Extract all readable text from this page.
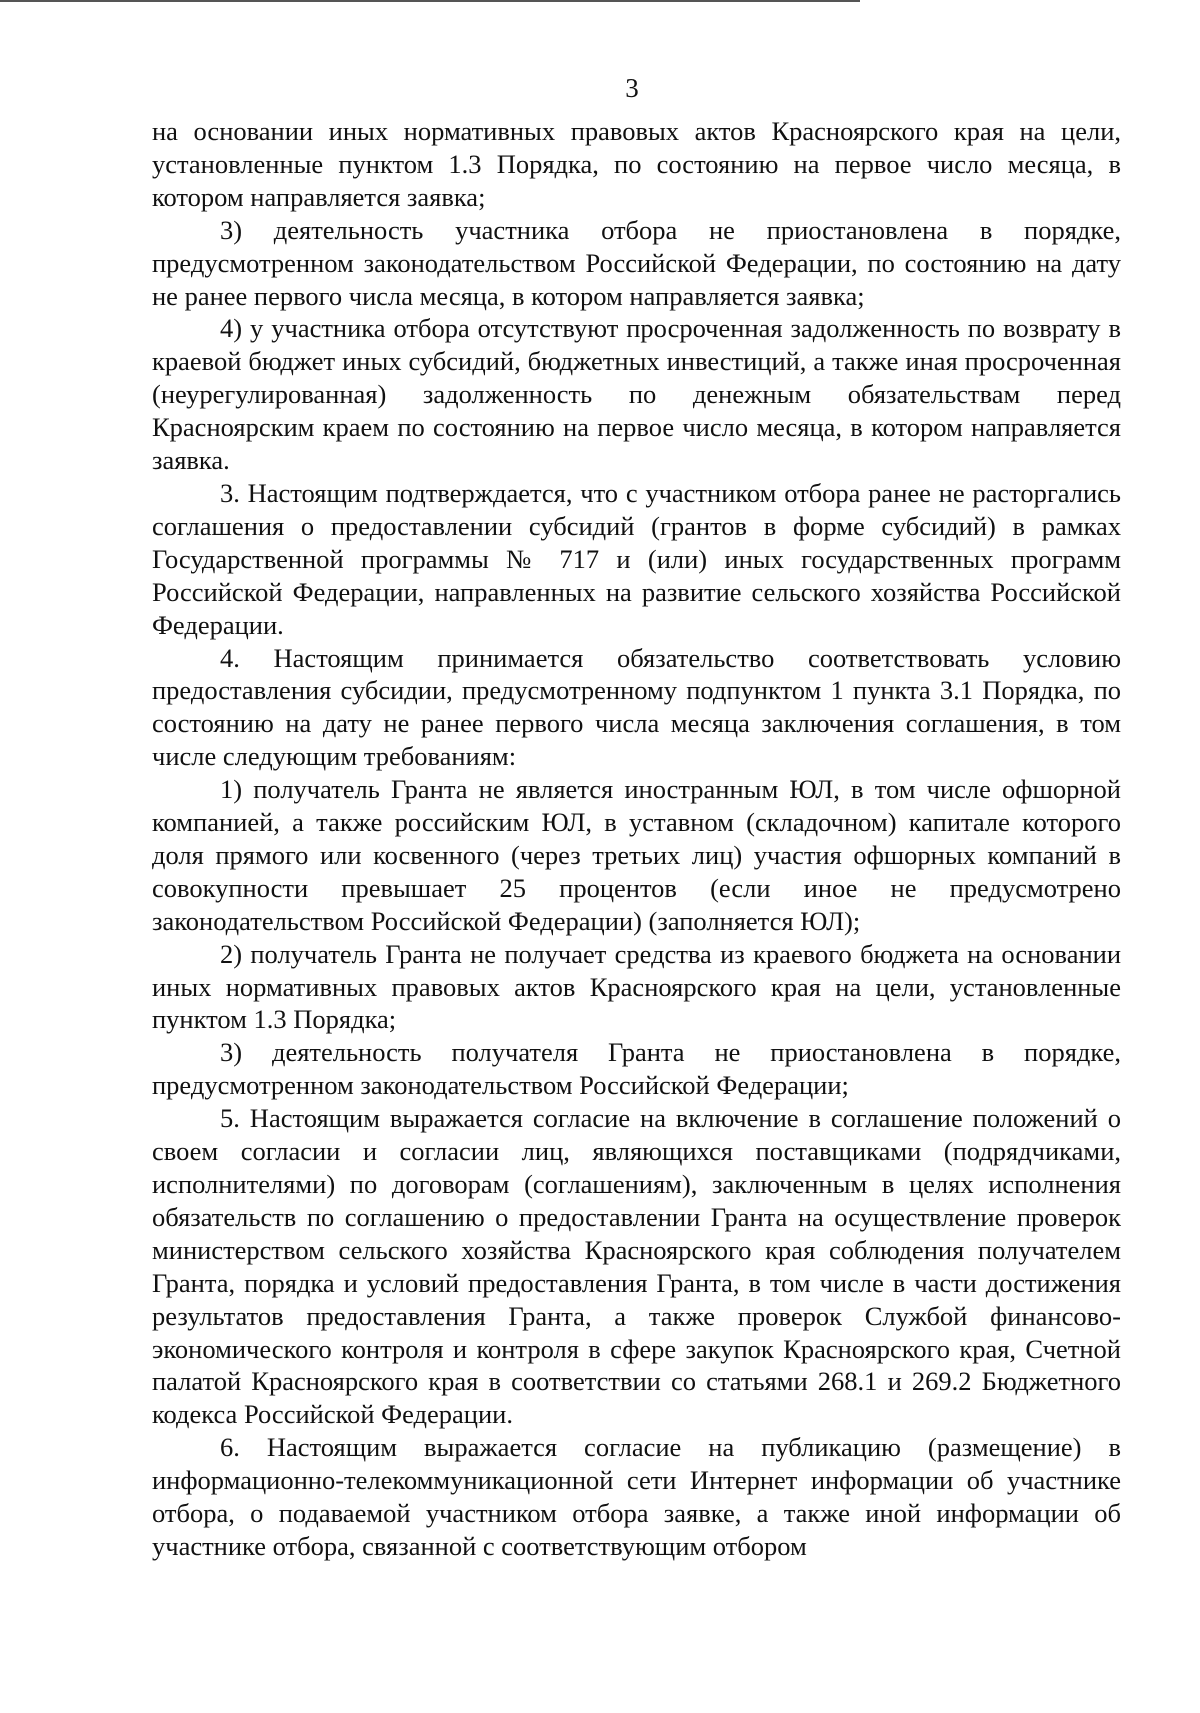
3

на основании иных нормативных правовых актов Красноярского края на цели, установленные пунктом 1.3 Порядка, по состоянию на первое число месяца, в котором направляется заявка;

3) деятельность участника отбора не приостановлена в порядке, предусмотренном законодательством Российской Федерации, по состоянию на дату не ранее первого числа месяца, в котором направляется заявка;

4) у участника отбора отсутствуют просроченная задолженность по возврату в краевой бюджет иных субсидий, бюджетных инвестиций, а также иная просроченная (неурегулированная) задолженность по денежным обязательствам перед Красноярским краем по состоянию на первое число месяца, в котором направляется заявка.

3. Настоящим подтверждается, что с участником отбора ранее не расторгались соглашения о предоставлении субсидий (грантов в форме субсидий) в рамках Государственной программы № 717 и (или) иных государственных программ Российской Федерации, направленных на развитие сельского хозяйства Российской Федерации.

4. Настоящим принимается обязательство соответствовать условию предоставления субсидии, предусмотренному подпунктом 1 пункта 3.1 Порядка, по состоянию на дату не ранее первого числа месяца заключения соглашения, в том числе следующим требованиям:

1) получатель Гранта не является иностранным ЮЛ, в том числе офшорной компанией, а также российским ЮЛ, в уставном (складочном) капитале которого доля прямого или косвенного (через третьих лиц) участия офшорных компаний в совокупности превышает 25 процентов (если иное не предусмотрено законодательством Российской Федерации) (заполняется ЮЛ);

2) получатель Гранта не получает средства из краевого бюджета на основании иных нормативных правовых актов Красноярского края на цели, установленные пунктом 1.3 Порядка;

3) деятельность получателя Гранта не приостановлена в порядке, предусмотренном законодательством Российской Федерации;

5. Настоящим выражается согласие на включение в соглашение положений о своем согласии и согласии лиц, являющихся поставщиками (подрядчиками, исполнителями) по договорам (соглашениям), заключенным в целях исполнения обязательств по соглашению о предоставлении Гранта на осуществление проверок министерством сельского хозяйства Красноярского края соблюдения получателем Гранта, порядка и условий предоставления Гранта, в том числе в части достижения результатов предоставления Гранта, а также проверок Службой финансово-экономического контроля и контроля в сфере закупок Красноярского края, Счетной палатой Красноярского края в соответствии со статьями 268.1 и 269.2 Бюджетного кодекса Российской Федерации.

6. Настоящим выражается согласие на публикацию (размещение) в информационно-телекоммуникационной сети Интернет информации об участнике отбора, о подаваемой участником отбора заявке, а также иной информации об участнике отбора, связанной с соответствующим отбором
